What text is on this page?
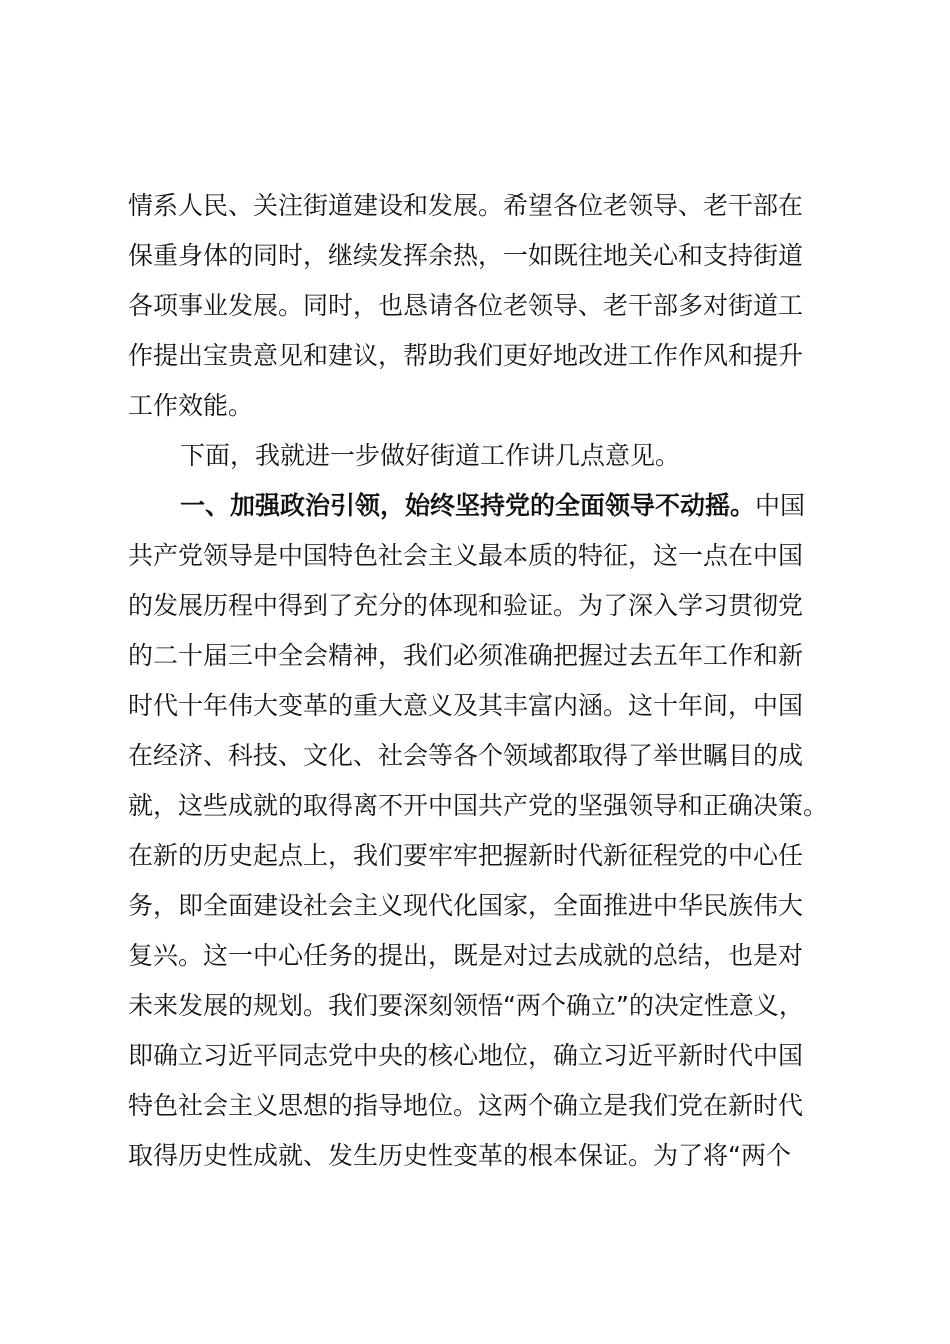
情系人民、关注街道建设和发展。希望各位老领导、老干部在
保重身体的同时，继续发挥余热，一如既往地关心和支持街道
各项事业发展。同时，也恳请各位老领导、老干部多对街道工
作提出宝贵意见和建议，帮助我们更好地改进工作作风和提升
工作效能。
下面，我就进一步做好街道工作讲几点意见。
一、加强政治引领，始终坚持党的全面领导不动摇。中国
共产党领导是中国特色社会主义最本质的特征，这一点在中国
的发展历程中得到了充分的体现和验证。为了深入学习贯彻党
的二十届三中全会精神，我们必须准确把握过去五年工作和新
时代十年伟大变革的重大意义及其丰富内涵。这十年间，中国
在经济、科技、文化、社会等各个领域都取得了举世瞩目的成
就，这些成就的取得离不开中国共产党的坚强领导和正确决策。
在新的历史起点上，我们要牢牢把握新时代新征程党的中心任
务，即全面建设社会主义现代化国家，全面推进中华民族伟大
复兴。这一中心任务的提出，既是对过去成就的总结，也是对
未来发展的规划。我们要深刻领悟“两个确立”的决定性意义，
即确立习近平同志党中央的核心地位，确立习近平新时代中国
特色社会主义思想的指导地位。这两个确立是我们党在新时代
取得历史性成就、发生历史性变革的根本保证。为了将“两个
